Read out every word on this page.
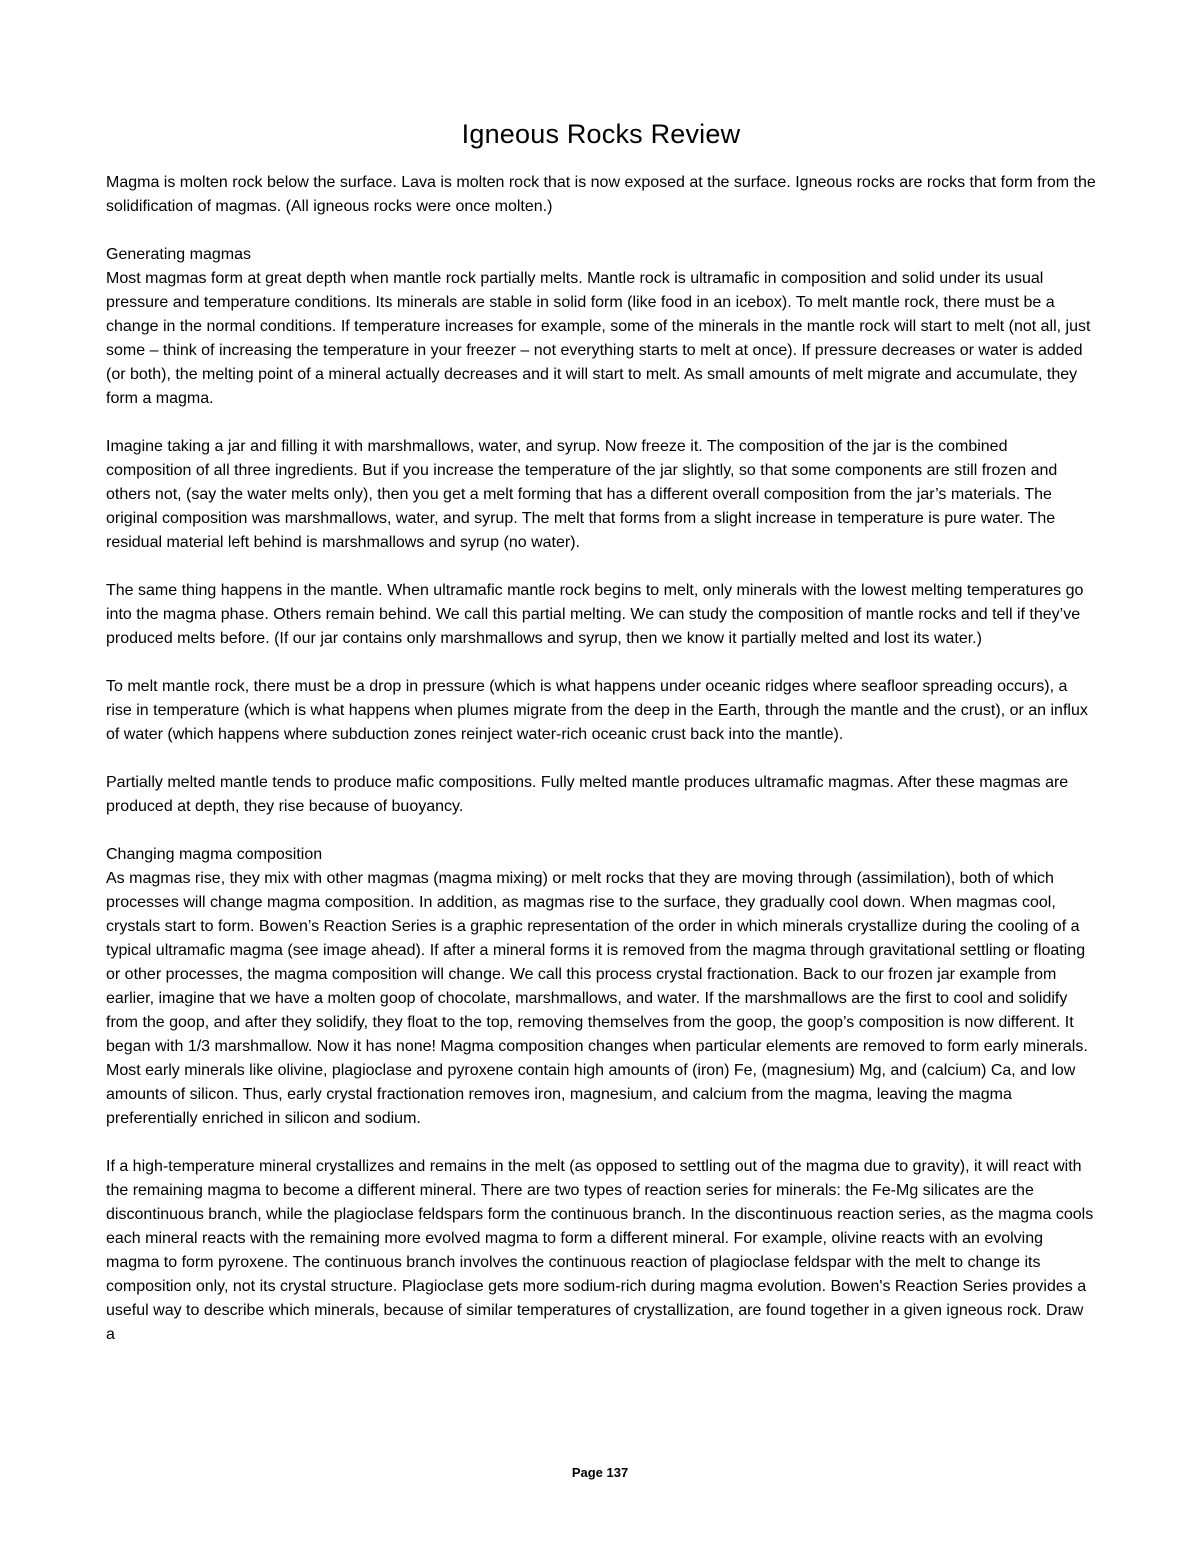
Igneous Rocks Review

Magma is molten rock below the surface. Lava is molten rock that is now exposed at the surface. Igneous rocks are rocks that form from the solidification of magmas. (All igneous rocks were once molten.)

Generating magmas

Most magmas form at great depth when mantle rock partially melts. Mantle rock is ultramafic in composition and solid under its usual pressure and temperature conditions. Its minerals are stable in solid form (like food in an icebox). To melt mantle rock, there must be a change in the normal conditions. If temperature increases for example, some of the minerals in the mantle rock will start to melt (not all, just some – think of increasing the temperature in your freezer – not everything starts to melt at once). If pressure decreases or water is added (or both), the melting point of a mineral actually decreases and it will start to melt. As small amounts of melt migrate and accumulate, they form a magma.

Imagine taking a jar and filling it with marshmallows, water, and syrup. Now freeze it. The composition of the jar is the combined composition of all three ingredients. But if you increase the temperature of the jar slightly, so that some components are still frozen and others not, (say the water melts only), then you get a melt forming that has a different overall composition from the jar’s materials. The original composition was marshmallows, water, and syrup. The melt that forms from a slight increase in temperature is pure water. The residual material left behind is marshmallows and syrup (no water).

The same thing happens in the mantle. When ultramafic mantle rock begins to melt, only minerals with the lowest melting temperatures go into the magma phase. Others remain behind. We call this partial melting. We can study the composition of mantle rocks and tell if they’ve produced melts before. (If our jar contains only marshmallows and syrup, then we know it partially melted and lost its water.)

To melt mantle rock, there must be a drop in pressure (which is what happens under oceanic ridges where seafloor spreading occurs), a rise in temperature (which is what happens when plumes migrate from the deep in the Earth, through the mantle and the crust), or an influx of water (which happens where subduction zones reinject water-rich oceanic crust back into the mantle).

Partially melted mantle tends to produce mafic compositions. Fully melted mantle produces ultramafic magmas. After these magmas are produced at depth, they rise because of buoyancy.

Changing magma composition

As magmas rise, they mix with other magmas (magma mixing) or melt rocks that they are moving through (assimilation), both of which processes will change magma composition. In addition, as magmas rise to the surface, they gradually cool down. When magmas cool, crystals start to form. Bowen’s Reaction Series is a graphic representation of the order in which minerals crystallize during the cooling of a typical ultramafic magma (see image ahead). If after a mineral forms it is removed from the magma through gravitational settling or floating or other processes, the magma composition will change. We call this process crystal fractionation. Back to our frozen jar example from earlier, imagine that we have a molten goop of chocolate, marshmallows, and water. If the marshmallows are the first to cool and solidify from the goop, and after they solidify, they float to the top, removing themselves from the goop, the goop’s composition is now different. It began with 1/3 marshmallow. Now it has none! Magma composition changes when particular elements are removed to form early minerals. Most early minerals like olivine, plagioclase and pyroxene contain high amounts of (iron) Fe, (magnesium) Mg, and (calcium) Ca, and low amounts of silicon. Thus, early crystal fractionation removes iron, magnesium, and calcium from the magma, leaving the magma preferentially enriched in silicon and sodium.

If a high-temperature mineral crystallizes and remains in the melt (as opposed to settling out of the magma due to gravity), it will react with the remaining magma to become a different mineral. There are two types of reaction series for minerals: the Fe-Mg silicates are the discontinuous branch, while the plagioclase feldspars form the continuous branch. In the discontinuous reaction series, as the magma cools each mineral reacts with the remaining more evolved magma to form a different mineral. For example, olivine reacts with an evolving magma to form pyroxene. The continuous branch involves the continuous reaction of plagioclase feldspar with the melt to change its composition only, not its crystal structure. Plagioclase gets more sodium-rich during magma evolution. Bowen's Reaction Series provides a useful way to describe which minerals, because of similar temperatures of crystallization, are found together in a given igneous rock. Draw a

Page 137
